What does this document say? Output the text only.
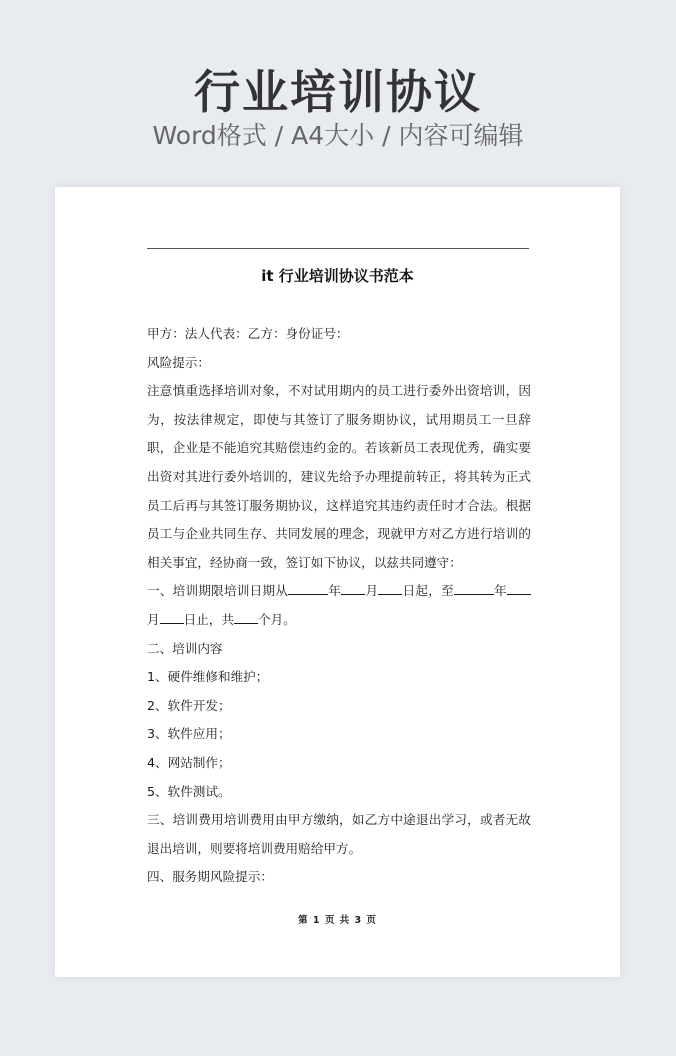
行业培训协议
Word格式 / A4大小 / 内容可编辑
it 行业培训协议书范本

甲方：法人代表：乙方：身份证号：

风险提示：

注意慎重选择培训对象，不对试用期内的员工进行委外出资培训，因为，按法律规定，即使与其签订了服务期协议，试用期员工一旦辞职，企业是不能追究其赔偿违约金的。若该新员工表现优秀，确实要出资对其进行委外培训的，建议先给予办理提前转正，将其转为正式员工后再与其签订服务期协议，这样追究其违约责任时才合法。根据员工与企业共同生存、共同发展的理念，现就甲方对乙方进行培训的相关事宜，经协商一致，签订如下协议，以兹共同遵守：

一、培训期限培训日期从	年 月 日起，至	年月 日止，共 个月。

二、培训内容

1、硬件维修和维护；

2、软件开发；

3、软件应用；

4、网站制作；

5、软件测试。

三、培训费用培训费用由甲方缴纳，如乙方中途退出学习，或者无故退出培训，则要将培训费用赔给甲方。

四、服务期风险提示：

第 1 页 共 3 页
